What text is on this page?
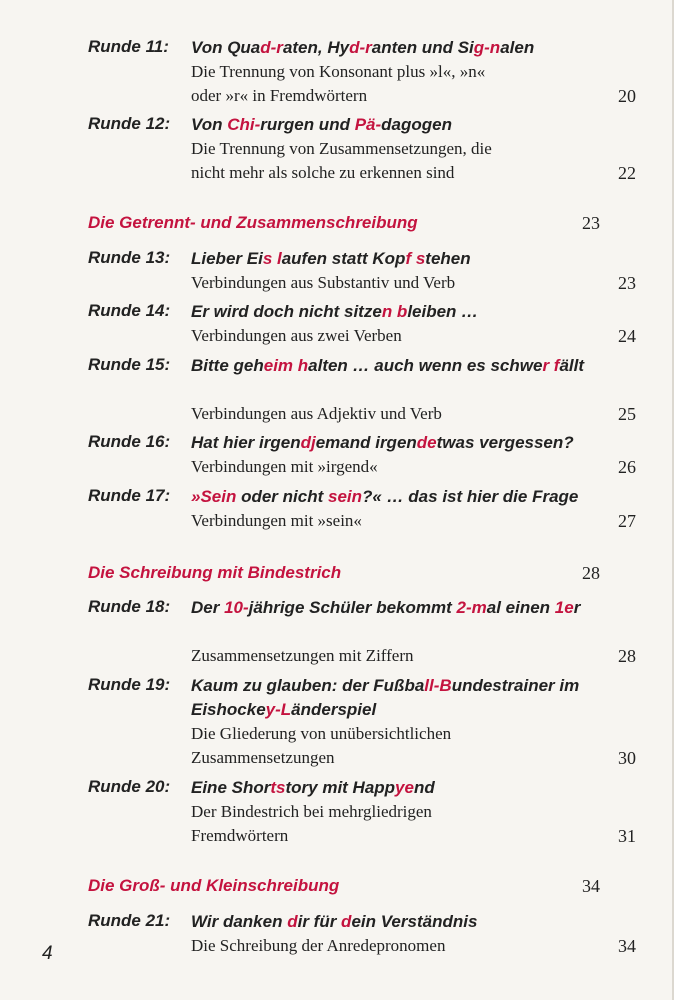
Runde 11: Von Quad-raten, Hyd-ranten und Sig-nalen
Die Trennung von Konsonant plus »l«, »n«
oder »r« in Fremdwörtern	20
Runde 12: Von Chi-rurgen und Pä-dagogen
Die Trennung von Zusammensetzungen, die
nicht mehr als solche zu erkennen sind	22
Die Getrennt- und Zusammenschreibung	23
Runde 13: Lieber Eis laufen statt Kopf stehen
Verbindungen aus Substantiv und Verb	23
Runde 14: Er wird doch nicht sitzen bleiben …
Verbindungen aus zwei Verben	24
Runde 15: Bitte geheim halten … auch wenn es schwer fällt
Verbindungen aus Adjektiv und Verb	25
Runde 16: Hat hier irgendjemand irgendetwas vergessen?
Verbindungen mit »irgend«	26
Runde 17: »Sein oder nicht sein?« … das ist hier die Frage
Verbindungen mit »sein«	27
Die Schreibung mit Bindestrich	28
Runde 18: Der 10-jährige Schüler bekommt 2-mal einen 1er
Zusammensetzungen mit Ziffern	28
Runde 19: Kaum zu glauben: der Fußball-Bundestrainer im Eishockey-Länderspiel
Die Gliederung von unübersichtlichen
Zusammensetzungen	30
Runde 20: Eine Shortstory mit Happyend
Der Bindestrich bei mehrgliedrigen
Fremdwörtern	31
Die Groß- und Kleinschreibung	34
Runde 21: Wir danken dir für dein Verständnis
Die Schreibung der Anredepronomen	34
4
